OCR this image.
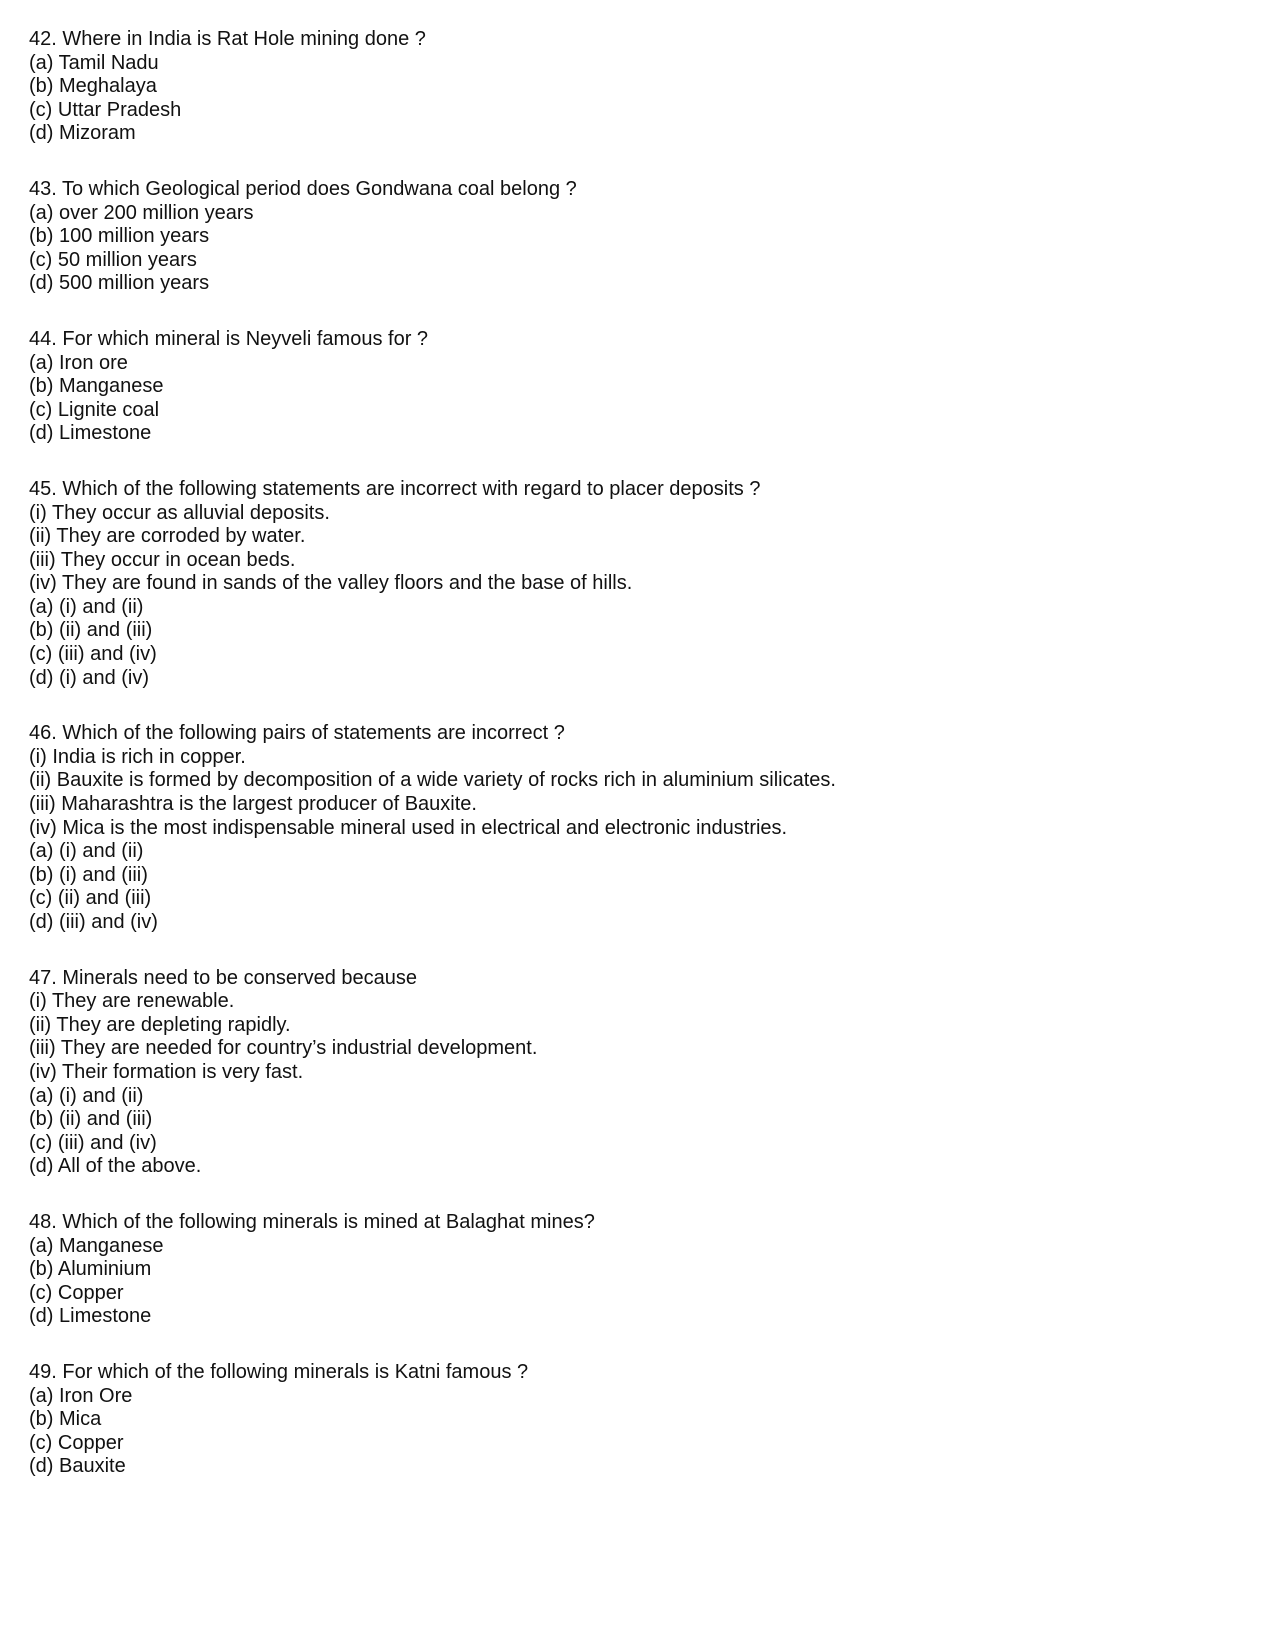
42. Where in India is Rat Hole mining done ?

(a) Tamil Nadu

(b) Meghalaya

(c) Uttar Pradesh

(d) Mizoram

43. To which Geological period does Gondwana coal belong ?

(a) over 200 million years

(b) 100 million years

(c) 50 million years

(d) 500 million years

44. For which mineral is Neyveli famous for ?

(a) Iron ore

(b) Manganese

(c) Lignite coal

(d) Limestone

45. Which of the following statements are incorrect with regard to placer deposits ?

(i) They occur as alluvial deposits.

(ii) They are corroded by water.

(iii) They occur in ocean beds.

(iv) They are found in sands of the valley floors and the base of hills.

(a) (i) and (ii)

(b) (ii) and (iii)

(c) (iii) and (iv)

(d) (i) and (iv)

46. Which of the following pairs of statements are incorrect ?

(i) India is rich in copper.

(ii) Bauxite is formed by decomposition of a wide variety of rocks rich in aluminium silicates.

(iii) Maharashtra is the largest producer of Bauxite.

(iv) Mica is the most indispensable mineral used in electrical and electronic industries.

(a) (i) and (ii)

(b) (i) and (iii)

(c) (ii) and (iii)

(d) (iii) and (iv)

47. Minerals need to be conserved because

(i) They are renewable.

(ii) They are depleting rapidly.

(iii) They are needed for country’s industrial development.

(iv) Their formation is very fast.

(a) (i) and (ii)

(b) (ii) and (iii)

(c) (iii) and (iv)

(d) All of the above.

48. Which of the following minerals is mined at Balaghat mines?

(a) Manganese

(b) Aluminium

(c) Copper

(d) Limestone

49. For which of the following minerals is Katni famous ?

(a) Iron Ore

(b) Mica

(c) Copper

(d) Bauxite
